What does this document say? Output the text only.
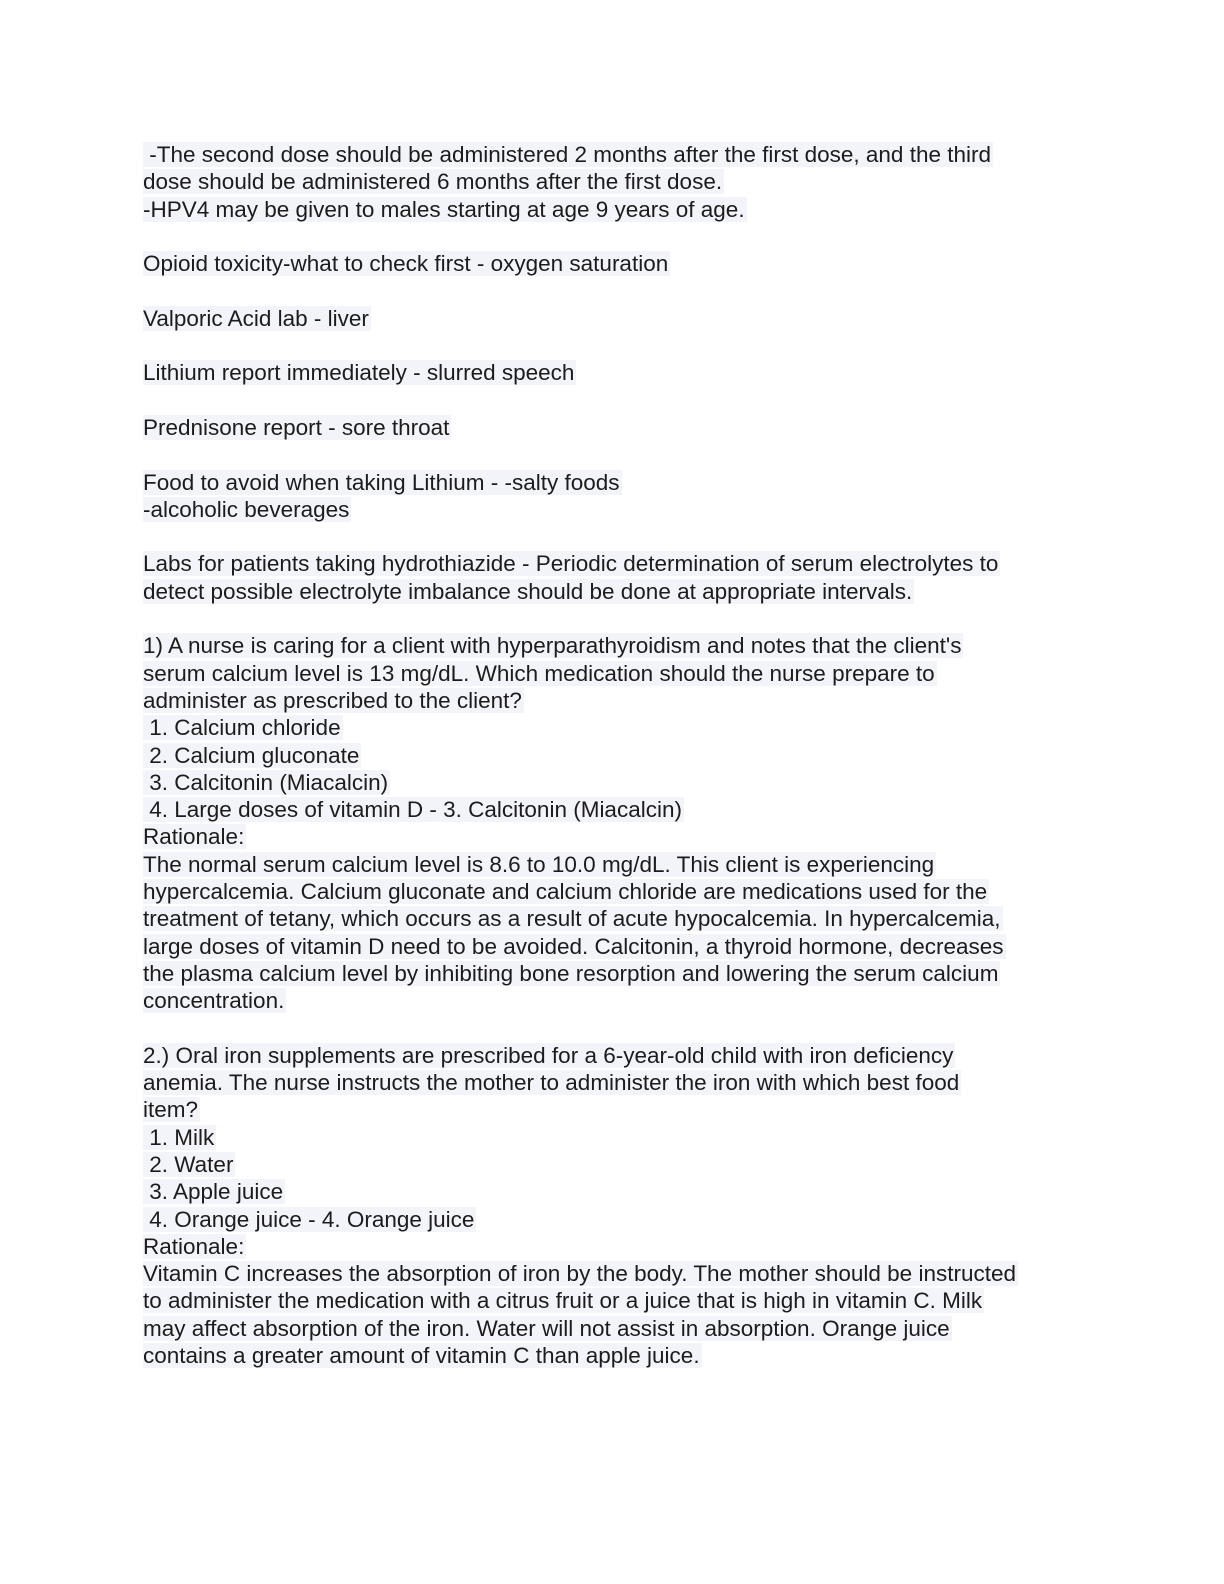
-The second dose should be administered 2 months after the first dose, and the third
dose should be administered 6 months after the first dose.
-HPV4 may be given to males starting at age 9 years of age.
Opioid toxicity-what to check first - oxygen saturation
Valporic Acid lab - liver
Lithium report immediately - slurred speech
Prednisone report - sore throat
Food to avoid when taking Lithium - -salty foods
-alcoholic beverages
Labs for patients taking hydrothiazide - Periodic determination of serum electrolytes to
detect possible electrolyte imbalance should be done at appropriate intervals.
1) A nurse is caring for a client with hyperparathyroidism and notes that the client's
serum calcium level is 13 mg/dL. Which medication should the nurse prepare to
administer as prescribed to the client?
1. Calcium chloride
2. Calcium gluconate
3. Calcitonin (Miacalcin)
4. Large doses of vitamin D - 3. Calcitonin (Miacalcin)
Rationale:
The normal serum calcium level is 8.6 to 10.0 mg/dL. This client is experiencing
hypercalcemia. Calcium gluconate and calcium chloride are medications used for the
treatment of tetany, which occurs as a result of acute hypocalcemia. In hypercalcemia,
large doses of vitamin D need to be avoided. Calcitonin, a thyroid hormone, decreases
the plasma calcium level by inhibiting bone resorption and lowering the serum calcium
concentration.
2.) Oral iron supplements are prescribed for a 6-year-old child with iron deficiency
anemia. The nurse instructs the mother to administer the iron with which best food
item?
1. Milk
2. Water
3. Apple juice
4. Orange juice - 4. Orange juice
Rationale:
Vitamin C increases the absorption of iron by the body. The mother should be instructed
to administer the medication with a citrus fruit or a juice that is high in vitamin C. Milk
may affect absorption of the iron. Water will not assist in absorption. Orange juice
contains a greater amount of vitamin C than apple juice.
